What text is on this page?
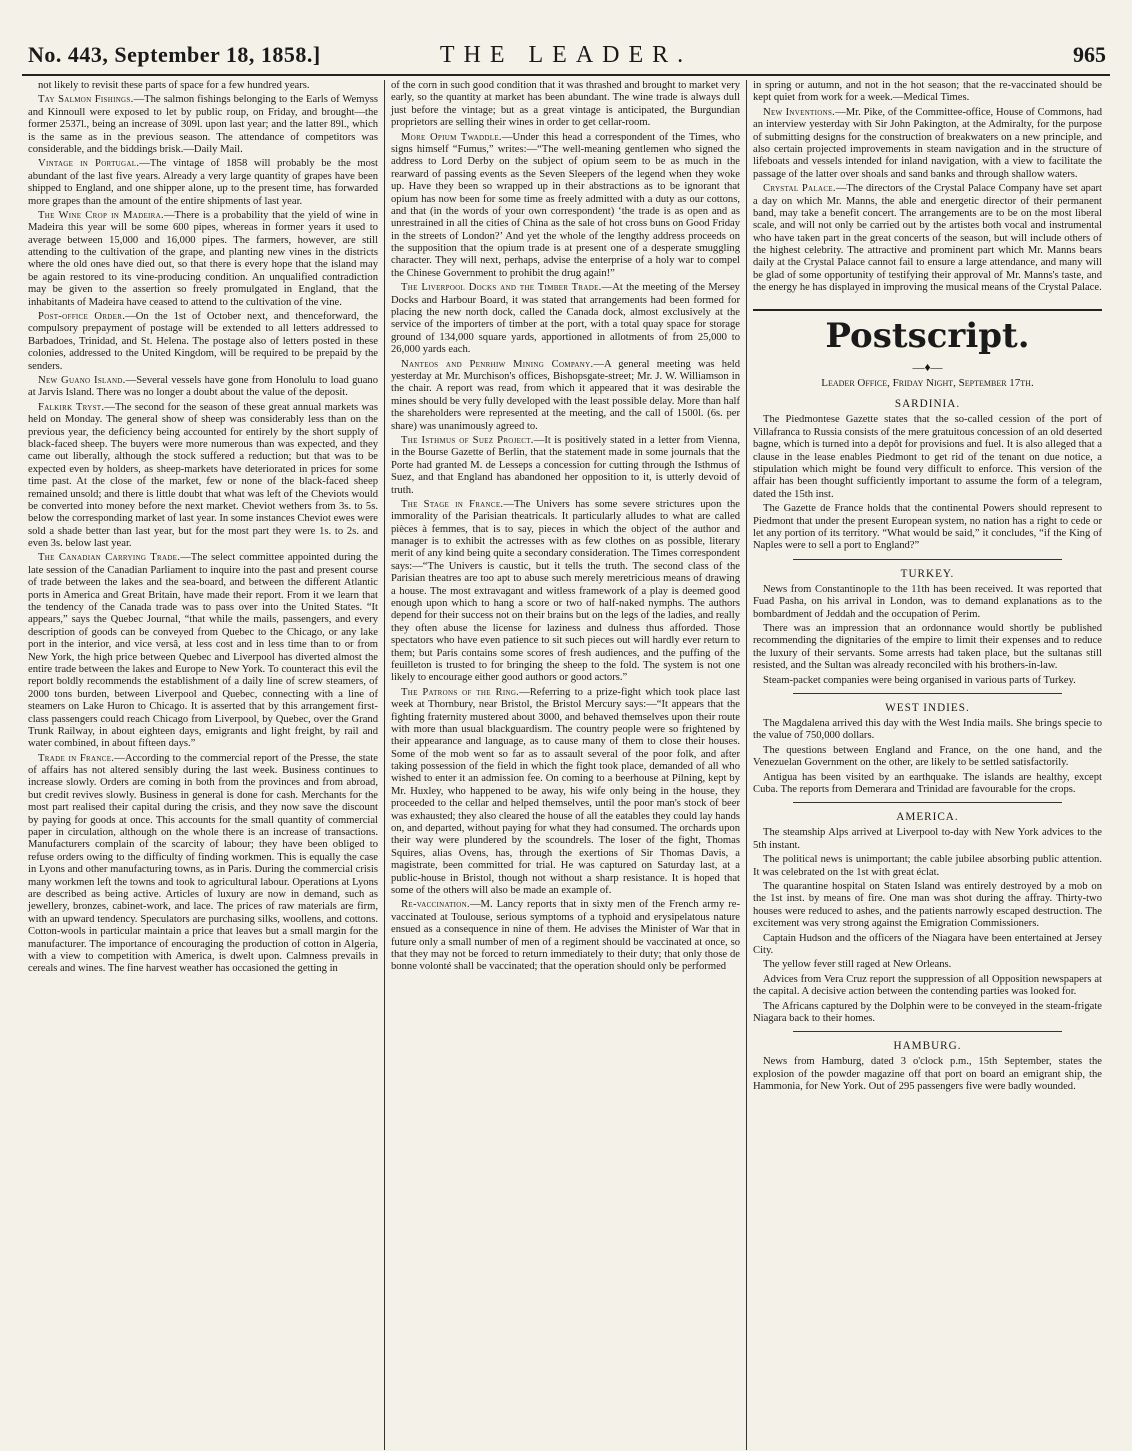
No. 443, September 18, 1858.]	THE LEADER.	965

not likely to revisit these parts of space for a few hundred years.

Tay Salmon Fishings.—The salmon fishings belonging to the Earls of Wemyss and Kinnoull were exposed to let by public roup, on Friday, and brought—the former 2537l., being an increase of 309l. upon last year; and the latter 89l., which is the same as in the previous season. The attendance of competitors was considerable, and the biddings brisk.—Daily Mail.

Vintage in Portugal.—The vintage of 1858 will probably be the most abundant of the last five years. Already a very large quantity of grapes have been shipped to England, and one shipper alone, up to the present time, has forwarded more grapes than the amount of the entire shipments of last year.

The Wine Crop in Madeira.—There is a probability that the yield of wine in Madeira this year will be some 600 pipes, whereas in former years it used to average between 15,000 and 16,000 pipes. The farmers, however, are still attending to the cultivation of the grape, and planting new vines in the districts where the old ones have died out, so that there is every hope that the island may be again restored to its vine-producing condition. An unqualified contradiction may be given to the assertion so freely promulgated in England, that the inhabitants of Madeira have ceased to attend to the cultivation of the vine.

Post-office Order.—On the 1st of October next, and thenceforward, the compulsory prepayment of postage will be extended to all letters addressed to Barbadoes, Trinidad, and St. Helena. The postage also of letters posted in these colonies, addressed to the United Kingdom, will be required to be prepaid by the senders.

New Guano Island.—Several vessels have gone from Honolulu to load guano at Jarvis Island. There was no longer a doubt about the value of the deposit.

Falkirk Tryst.—The second for the season of these great annual markets was held on Monday. The general show of sheep was considerably less than on the previous year, the deficiency being accounted for entirely by the short supply of black-faced sheep. The buyers were more numerous than was expected, and they came out liberally, although the stock suffered a reduction; but that was to be expected even by holders, as sheep-markets have deteriorated in prices for some time past. At the close of the market, few or none of the black-faced sheep remained unsold; and there is little doubt that what was left of the Cheviots would be converted into money before the next market. Cheviot wethers from 3s. to 5s. below the corresponding market of last year. In some instances Cheviot ewes were sold a shade better than last year, but for the most part they were 1s. to 2s. and even 3s. below last year.

The Canadian Carrying Trade.—The select committee appointed during the late session of the Canadian Parliament to inquire into the past and present course of trade between the lakes and the sea-board, and between the different Atlantic ports in America and Great Britain, have made their report. From it we learn that the tendency of the Canada trade was to pass over into the United States. “It appears,” says the Quebec Journal, “that while the mails, passengers, and every description of goods can be conveyed from Quebec to the Chicago, or any lake port in the interior, and vice versâ, at less cost and in less time than to or from New York, the high price between Quebec and Liverpool has diverted almost the entire trade between the lakes and Europe to New York. To counteract this evil the report boldly recommends the establishment of a daily line of screw steamers, of 2000 tons burden, between Liverpool and Quebec, connecting with a line of steamers on Lake Huron to Chicago. It is asserted that by this arrangement first-class passengers could reach Chicago from Liverpool, by Quebec, over the Grand Trunk Railway, in about eighteen days, emigrants and light freight, by rail and water combined, in about fifteen days.”

Trade in France.—According to the commercial report of the Presse, the state of affairs has not altered sensibly during the last week. Business continues to increase slowly. Orders are coming in both from the provinces and from abroad, but credit revives slowly. Business in general is done for cash. Merchants for the most part realised their capital during the crisis, and they now save the discount by paying for goods at once. This accounts for the small quantity of commercial paper in circulation, although on the whole there is an increase of transactions. Manufacturers complain of the scarcity of labour; they have been obliged to refuse orders owing to the difficulty of finding workmen. This is equally the case in Lyons and other manufacturing towns, as in Paris. During the commercial crisis many workmen left the towns and took to agricultural labour. Operations at Lyons are described as being active. Articles of luxury are now in demand, such as jewellery, bronzes, cabinet-work, and lace. The prices of raw materials are firm, with an upward tendency. Speculators are purchasing silks, woollens, and cottons. Cotton-wools in particular maintain a price that leaves but a small margin for the manufacturer. The importance of encouraging the production of cotton in Algeria, with a view to competition with America, is dwelt upon. Calmness prevails in cereals and wines. The fine harvest weather has occasioned the getting in

of the corn in such good condition that it was thrashed and brought to market very early, so the quantity at market has been abundant. The wine trade is always dull just before the vintage; but as a great vintage is anticipated, the Burgundian proprietors are selling their wines in order to get cellar-room.

More Opium Twaddle.—Under this head a correspondent of the Times, who signs himself “Fumus,” writes:—“The well-meaning gentlemen who signed the address to Lord Derby on the subject of opium seem to be as much in the rearward of passing events as the Seven Sleepers of the legend when they woke up. Have they been so wrapped up in their abstractions as to be ignorant that opium has now been for some time as freely admitted with a duty as our cottons, and that (in the words of your own correspondent) ‘the trade is as open and as unrestrained in all the cities of China as the sale of hot cross buns on Good Friday in the streets of London?’ And yet the whole of the lengthy address proceeds on the supposition that the opium trade is at present one of a desperate smuggling character. They will next, perhaps, advise the enterprise of a holy war to compel the Chinese Government to prohibit the drug again!”

The Liverpool Docks and the Timber Trade.—At the meeting of the Mersey Docks and Harbour Board, it was stated that arrangements had been formed for placing the new north dock, called the Canada dock, almost exclusively at the service of the importers of timber at the port, with a total quay space for storage ground of 134,000 square yards, apportioned in allotments of from 25,000 to 26,000 yards each.

Nanteos and Penrhiw Mining Company.—A general meeting was held yesterday at Mr. Murchison's offices, Bishopsgate-street; Mr. J. W. Williamson in the chair. A report was read, from which it appeared that it was desirable the mines should be very fully developed with the least possible delay. More than half the shareholders were represented at the meeting, and the call of 1500l. (6s. per share) was unanimously agreed to.

The Isthmus of Suez Project.—It is positively stated in a letter from Vienna, in the Bourse Gazette of Berlin, that the statement made in some journals that the Porte had granted M. de Lesseps a concession for cutting through the Isthmus of Suez, and that England has abandoned her opposition to it, is utterly devoid of truth.

The Stage in France.—The Univers has some severe strictures upon the immorality of the Parisian theatricals. It particularly alludes to what are called pièces à femmes, that is to say, pieces in which the object of the author and manager is to exhibit the actresses with as few clothes on as possible, literary merit of any kind being quite a secondary consideration. The Times correspondent says:—“The Univers is caustic, but it tells the truth. The second class of the Parisian theatres are too apt to abuse such merely meretricious means of drawing a house. The most extravagant and witless framework of a play is deemed good enough upon which to hang a score or two of half-naked nymphs. The authors depend for their success not on their brains but on the legs of the ladies, and really they often abuse the license for laziness and dulness thus afforded. Those spectators who have even patience to sit such pieces out will hardly ever return to them; but Paris contains some scores of fresh audiences, and the puffing of the feuilleton is trusted to for bringing the sheep to the fold. The system is not one likely to encourage either good authors or good actors.”

The Patrons of the Ring.—Referring to a prize-fight which took place last week at Thornbury, near Bristol, the Bristol Mercury says:—“It appears that the fighting fraternity mustered about 3000, and behaved themselves upon their route with more than usual blackguardism. The country people were so frightened by their appearance and language, as to cause many of them to close their houses. Some of the mob went so far as to assault several of the poor folk, and after taking possession of the field in which the fight took place, demanded of all who wished to enter it an admission fee. On coming to a beerhouse at Pilning, kept by Mr. Huxley, who happened to be away, his wife only being in the house, they proceeded to the cellar and helped themselves, until the poor man's stock of beer was exhausted; they also cleared the house of all the eatables they could lay hands on, and departed, without paying for what they had consumed. The orchards upon their way were plundered by the scoundrels. The loser of the fight, Thomas Squires, alias Ovens, has, through the exertions of Sir Thomas Davis, a magistrate, been committed for trial. He was captured on Saturday last, at a public-house in Bristol, though not without a sharp resistance. It is hoped that some of the others will also be made an example of.

Re-vaccination.—M. Lancy reports that in sixty men of the French army re-vaccinated at Toulouse, serious symptoms of a typhoid and erysipelatous nature ensued as a consequence in nine of them. He advises the Minister of War that in future only a small number of men of a regiment should be vaccinated at once, so that they may not be forced to return immediately to their duty; that only those de bonne volonté shall be vaccinated; that the operation should only be performed

in spring or autumn, and not in the hot season; that the re-vaccinated should be kept quiet from work for a week.—Medical Times.

New Inventions.—Mr. Pike, of the Committee-office, House of Commons, had an interview yesterday with Sir John Pakington, at the Admiralty, for the purpose of submitting designs for the construction of breakwaters on a new principle, and also certain projected improvements in steam navigation and in the structure of lifeboats and vessels intended for inland navigation, with a view to facilitate the passage of the latter over shoals and sand banks and through shallow waters.

Crystal Palace.—The directors of the Crystal Palace Company have set apart a day on which Mr. Manns, the able and energetic director of their permanent band, may take a benefit concert. The arrangements are to be on the most liberal scale, and will not only be carried out by the artistes both vocal and instrumental who have taken part in the great concerts of the season, but will include others of the highest celebrity. The attractive and prominent part which Mr. Manns bears daily at the Crystal Palace cannot fail to ensure a large attendance, and many will be glad of some opportunity of testifying their approval of Mr. Manns's taste, and the energy he has displayed in improving the musical means of the Crystal Palace.

Postscript.
—♦—
Leader Office, Friday Night, September 17th.
SARDINIA.

The Piedmontese Gazette states that the so-called cession of the port of Villafranca to Russia consists of the mere gratuitous concession of an old deserted bagne, which is turned into a depôt for provisions and fuel. It is also alleged that a clause in the lease enables Piedmont to get rid of the tenant on due notice, a stipulation which might be found very difficult to enforce. This version of the affair has been thought sufficiently important to assume the form of a telegram, dated the 15th inst.

The Gazette de France holds that the continental Powers should represent to Piedmont that under the present European system, no nation has a right to cede or let any portion of its territory. “What would be said,” it concludes, “if the King of Naples were to sell a port to England?”

TURKEY.

News from Constantinople to the 11th has been received. It was reported that Fuad Pasha, on his arrival in London, was to demand explanations as to the bombardment of Jeddah and the occupation of Perim.

There was an impression that an ordonnance would shortly be published recommending the dignitaries of the empire to limit their expenses and to reduce the luxury of their servants. Some arrests had taken place, but the sultanas still resisted, and the Sultan was already reconciled with his brothers-in-law.

Steam-packet companies were being organised in various parts of Turkey.

WEST INDIES.

The Magdalena arrived this day with the West India mails. She brings specie to the value of 750,000 dollars.

The questions between England and France, on the one hand, and the Venezuelan Government on the other, are likely to be settled satisfactorily.

Antigua has been visited by an earthquake. The islands are healthy, except Cuba. The reports from Demerara and Trinidad are favourable for the crops.

AMERICA.

The steamship Alps arrived at Liverpool to-day with New York advices to the 5th instant.

The political news is unimportant; the cable jubilee absorbing public attention. It was celebrated on the 1st with great éclat.

The quarantine hospital on Staten Island was entirely destroyed by a mob on the 1st inst. by means of fire. One man was shot during the affray. Thirty-two houses were reduced to ashes, and the patients narrowly escaped destruction. The excitement was very strong against the Emigration Commissioners.

Captain Hudson and the officers of the Niagara have been entertained at Jersey City.

The yellow fever still raged at New Orleans.

Advices from Vera Cruz report the suppression of all Opposition newspapers at the capital. A decisive action between the contending parties was looked for.

The Africans captured by the Dolphin were to be conveyed in the steam-frigate Niagara back to their homes.

HAMBURG.

News from Hamburg, dated 3 o'clock p.m., 15th September, states the explosion of the powder magazine off that port on board an emigrant ship, the Hammonia, for New York. Out of 295 passengers five were badly wounded.
